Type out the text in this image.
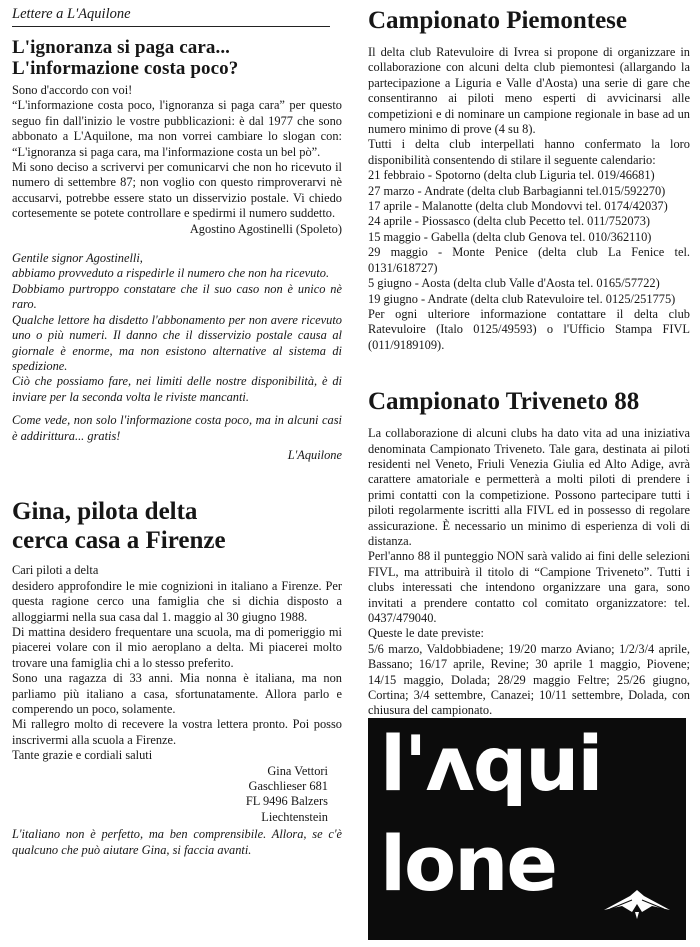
Lettere a L'Aquilone
L'ignoranza si paga cara...
L'informazione costa poco?

Sono d'accordo con voi!

“L'informazione costa poco, l'ignoranza si paga cara” per questo seguo fin dall'inizio le vostre pubblicazioni: è dal 1977 che sono abbonato a L'Aquilone, ma non vorrei cambiare lo slogan con: “L'ignoranza si paga cara, ma l'informazione costa un bel pò”.

Mi sono deciso a scrivervi per comunicarvi che non ho ricevuto il numero di settembre 87; non voglio con questo rimproverarvi nè accusarvi, potrebbe essere stato un disservizio postale. Vi chiedo cortesemente se potete controllare e spedirmi il numero suddetto.

Agostino Agostinelli (Spoleto)

Gentile signor Agostinelli,

abbiamo provveduto a rispedirle il numero che non ha ricevuto.

Dobbiamo purtroppo constatare che il suo caso non è unico nè raro.

Qualche lettore ha disdetto l'abbonamento per non avere ricevuto uno o più numeri. Il danno che il disservizio postale causa al giornale è enorme, ma non esistono alternative al sistema di spedizione.

Ciò che possiamo fare, nei limiti delle nostre disponibilità, è di inviare per la seconda volta le riviste mancanti.

Come vede, non solo l'informazione costa poco, ma in alcuni casi è addirittura... gratis!

L'Aquilone
Gina, pilota delta
cerca casa a Firenze

Cari piloti a delta

desidero approfondire le mie cognizioni in italiano a Firenze. Per questa ragione cerco una famiglia che si dichia disposto a alloggiarmi nella sua casa dal 1. maggio al 30 giugno 1988.

Di mattina desidero frequentare una scuola, ma di pomeriggio mi piacerei volare con il mio aeroplano a delta. Mi piacerei molto trovare una famiglia chi a lo stesso preferito.

Sono una ragazza di 33 anni. Mia nonna è italiana, ma non parliamo più italiano a casa, sfortunatamente. Allora parlo e comperendo un poco, solamente.

Mi rallegro molto di recevere la vostra lettera pronto. Poi posso inscrivermi alla scuola a Firenze.

Tante grazie e cordiali saluti

Gina Vettori
Gaschlieser 681
FL 9496 Balzers
Liechtenstein

L'italiano non è perfetto, ma ben comprensibile. Allora, se c'è qualcuno che può aiutare Gina, si faccia avanti.

Campionato Piemontese

Il delta club Ratevuloire di Ivrea si propone di organizzare in collaborazione con alcuni delta club piemontesi (allargando la partecipazione a Liguria e Valle d'Aosta) una serie di gare che consentiranno ai piloti meno esperti di avvicinarsi alle competizioni e di nominare un campione regionale in base ad un numero minimo di prove (4 su 8).

Tutti i delta club interpellati hanno confermato la loro disponibilità consentendo di stilare il seguente calendario:

21 febbraio - Spotorno (delta club Liguria tel. 019/46681)

27 marzo - Andrate (delta club Barbagianni tel.015/592270)

17 aprile - Malanotte (delta club Mondovvi tel. 0174/42037)

24 aprile - Piossasco (delta club Pecetto tel. 011/752073)

15 maggio - Gabella (delta club Genova tel. 010/362110)

29 maggio - Monte Penice (delta club La Fenice tel. 0131/618727)

5 giugno - Aosta (delta club Valle d'Aosta tel. 0165/57722)

19 giugno - Andrate (delta club Ratevuloire tel. 0125/251775)

Per ogni ulteriore informazione contattare il delta club Ratevuloire (Italo 0125/49593) o l'Ufficio Stampa FIVL (011/9189109).

Campionato Triveneto 88

La collaborazione di alcuni clubs ha dato vita ad una iniziativa denominata Campionato Triveneto. Tale gara, destinata ai piloti residenti nel Veneto, Friuli Venezia Giulia ed Alto Adige, avrà carattere amatoriale e permetterà a molti piloti di prendere i primi contatti con la competizione. Possono partecipare tutti i piloti regolarmente iscritti alla FIVL ed in possesso di regolare assicurazione. È necessario un minimo di esperienza di voli di distanza.

Perl'anno 88 il punteggio NON sarà valido ai fini delle selezioni FIVL, ma attribuirà il titolo di “Campione Triveneto”. Tutti i clubs interessati che intendono organizzare una gara, sono invitati a prendere contatto col comitato organizzatore: tel. 0437/479040.

Queste le date previste:

5/6 marzo, Valdobbiadene; 19/20 marzo Aviano; 1/2/3/4 aprile, Bassano; 16/17 aprile, Revine; 30 aprile 1 maggio, Piovene; 14/15 maggio, Dolada; 28/29 maggio Feltre; 25/26 giugno, Cortina; 3/4 settembre, Canazei; 10/11 settembre, Dolada, con chiusura del campionato.

l'ʌqui
lone
